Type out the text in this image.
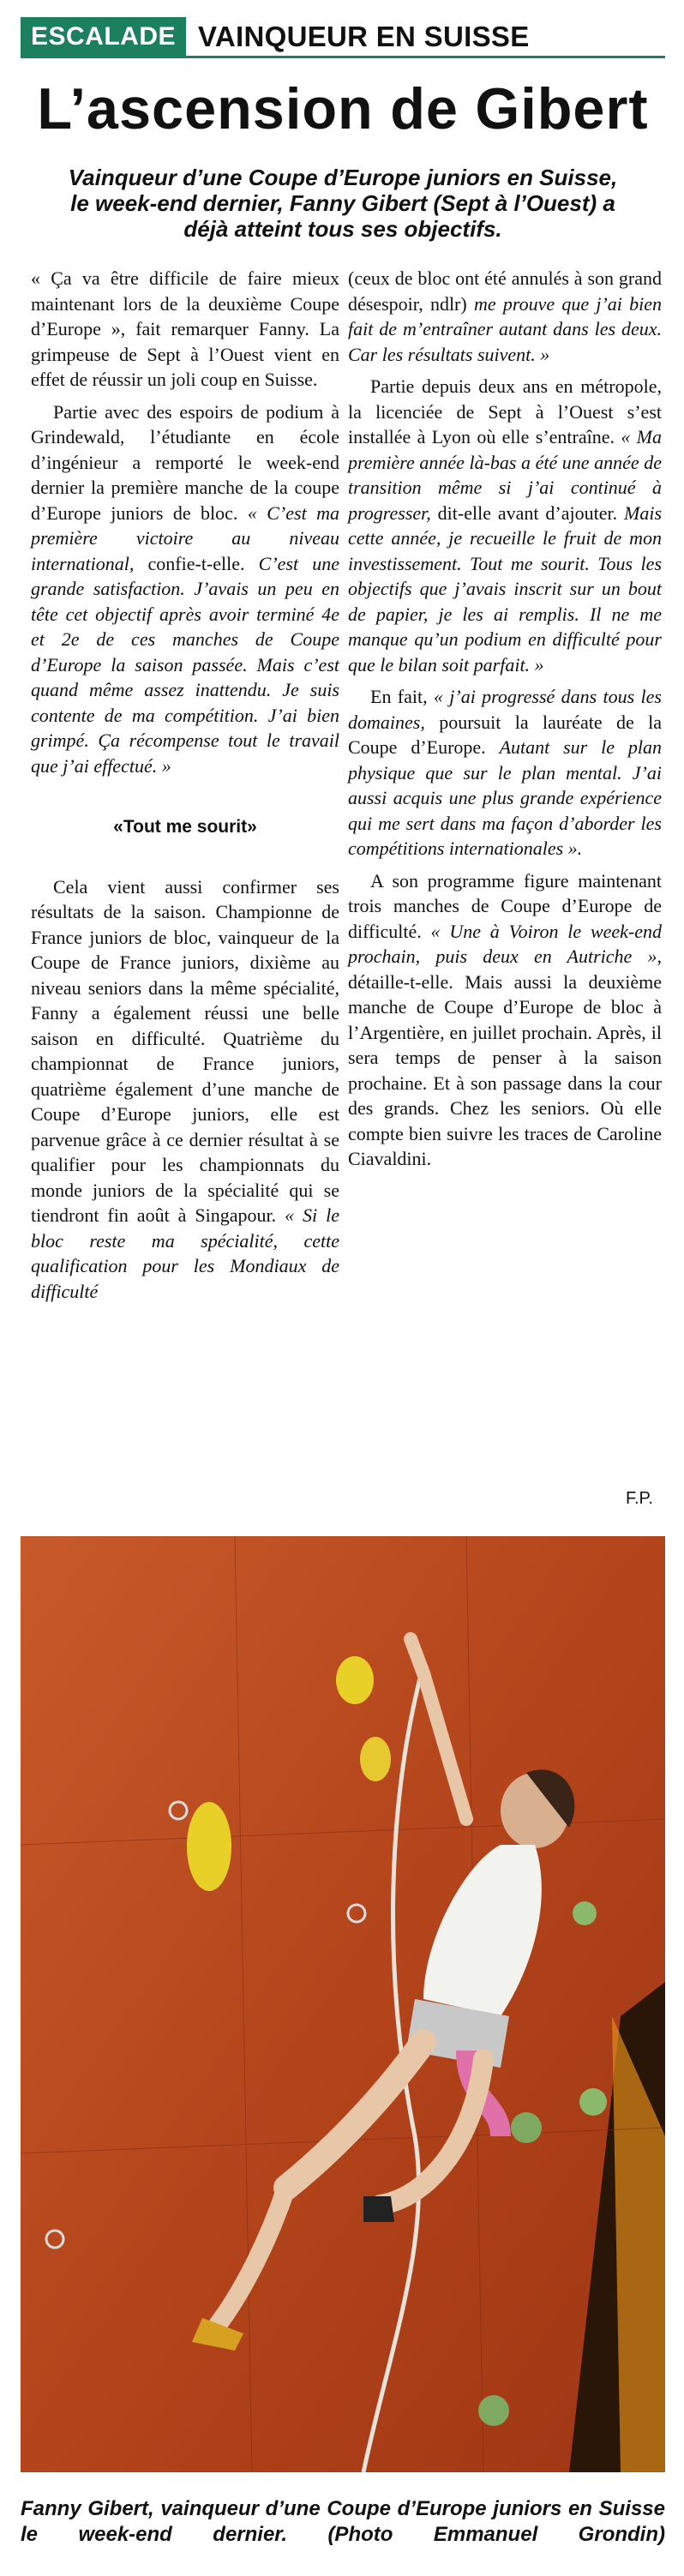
ESCALADE VAINQUEUR EN SUISSE
L’ascension de Gibert
Vainqueur d’une Coupe d’Europe juniors en Suisse, le week-end dernier, Fanny Gibert (Sept à l’Ouest) a déjà atteint tous ses objectifs.

« Ça va être difficile de faire mieux maintenant lors de la deuxième Coupe d’Europe », fait remarquer Fanny. La grimpeuse de Sept à l’Ouest vient en effet de réussir un joli coup en Suisse.

Partie avec des espoirs de podium à Grindewald, l’étudiante en école d’ingénieur a remporté le week-end dernier la première manche de la coupe d’Europe juniors de bloc. « C’est ma première victoire au niveau international, confie-t-elle. C’est une grande satisfaction. J’avais un peu en tête cet objectif après avoir terminé 4e et 2e de ces manches de Coupe d’Europe la saison passée. Mais c’est quand même assez inattendu. Je suis contente de ma compétition. J’ai bien grimpé. Ça récompense tout le travail que j’ai effectué. »

«Tout me sourit»

Cela vient aussi confirmer ses résultats de la saison. Championne de France juniors de bloc, vainqueur de la Coupe de France juniors, dixième au niveau seniors dans la même spécialité, Fanny a également réussi une belle saison en difficulté. Quatrième du championnat de France juniors, quatrième également d’une manche de Coupe d’Europe juniors, elle est parvenue grâce à ce dernier résultat à se qualifier pour les championnats du monde juniors de la spécialité qui se tiendront fin août à Singapour. « Si le bloc reste ma spécialité, cette qualification pour les Mondiaux de difficulté

(ceux de bloc ont été annulés à son grand désespoir, ndlr) me prouve que j’ai bien fait de m’entraîner autant dans les deux. Car les résultats suivent. »

Partie depuis deux ans en métropole, la licenciée de Sept à l’Ouest s’est installée à Lyon où elle s’entraîne. « Ma première année là-bas a été une année de transition même si j’ai continué à progresser, dit-elle avant d’ajouter. Mais cette année, je recueille le fruit de mon investissement. Tout me sourit. Tous les objectifs que j’avais inscrit sur un bout de papier, je les ai remplis. Il ne me manque qu’un podium en difficulté pour que le bilan soit parfait. »

En fait, « j’ai progressé dans tous les domaines, poursuit la lauréate de la Coupe d’Europe. Autant sur le plan physique que sur le plan mental. J’ai aussi acquis une plus grande expérience qui me sert dans ma façon d’aborder les compétitions internationales ».

A son programme figure maintenant trois manches de Coupe d’Europe de difficulté. « Une à Voiron le week-end prochain, puis deux en Autriche », détaille-t-elle. Mais aussi la deuxième manche de Coupe d’Europe de bloc à l’Argentière, en juillet prochain. Après, il sera temps de penser à la saison prochaine. Et à son passage dans la cour des grands. Chez les seniors. Où elle compte bien suivre les traces de Caroline Ciavaldini.

F.P.
Fanny Gibert, vainqueur d’une Coupe d’Europe juniors en Suisse le week-end dernier. (Photo Emmanuel Grondin)
